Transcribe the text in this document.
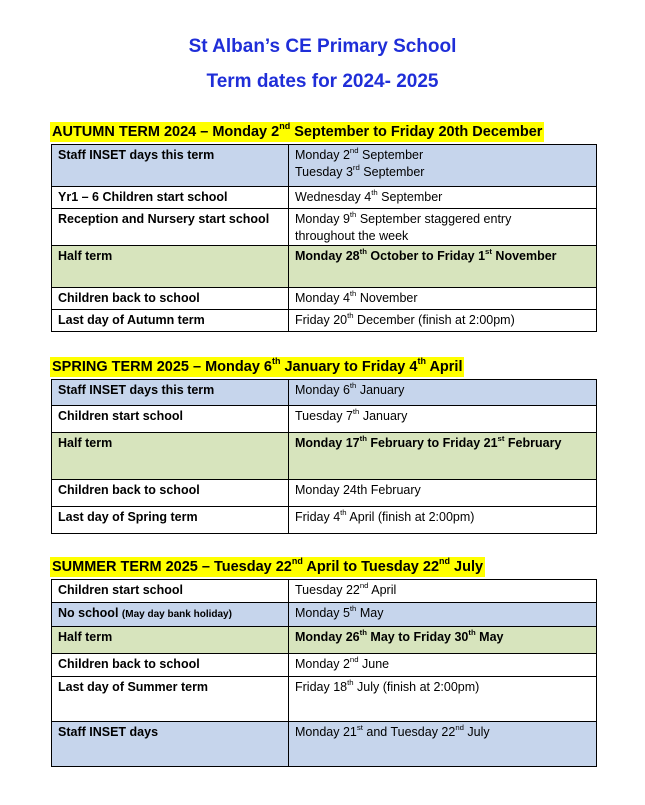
St Alban’s CE Primary School
Term dates for 2024- 2025
AUTUMN TERM 2024 – Monday 2nd September to Friday 20th December
Staff INSET days this term	Monday 2nd September
Tuesday 3rd September
Yr1 – 6 Children start school	Wednesday 4th September
Reception and Nursery start school	Monday 9th September staggered entry
throughout the week
Half term	Monday 28th October to Friday 1st November
Children back to school	Monday 4th November
Last day of Autumn term	Friday 20th December (finish at 2:00pm)
SPRING TERM 2025 – Monday 6th January to Friday 4th April
Staff INSET days this term	Monday 6th January
Children start school	Tuesday 7th January
Half term	Monday 17th February to Friday 21st February
Children back to school	Monday 24th February
Last day of Spring term	Friday 4th April (finish at 2:00pm)
SUMMER TERM 2025 – Tuesday 22nd April to Tuesday 22nd July
Children start school	Tuesday 22nd April
No school (May day bank holiday)	Monday 5th May
Half term	Monday 26th May to Friday 30th May
Children back to school	Monday 2nd June
Last day of Summer term	Friday 18th July (finish at 2:00pm)
Staff INSET days	Monday 21st and Tuesday 22nd July
